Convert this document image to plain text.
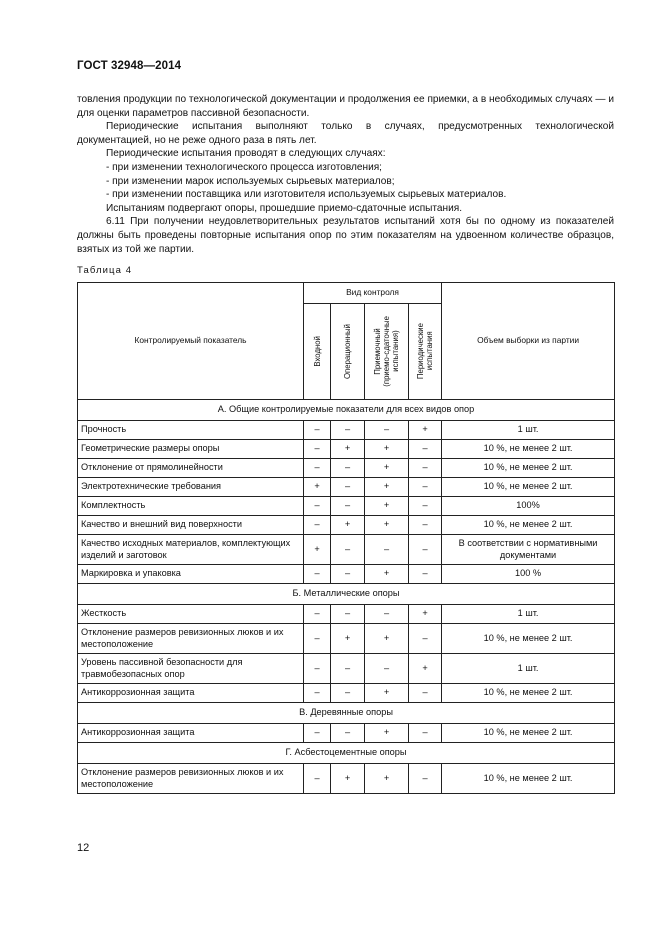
ГОСТ 32948—2014

товления продукции по технологической документации и продолжения ее приемки, а в необходимых случаях — и для оценки параметров пассивной безопасности.

Периодические испытания выполняют только в случаях, предусмотренных технологической документацией, но не реже одного раза в пять лет.

Периодические испытания проводят в следующих случаях:

- при изменении технологического процесса изготовления;

- при изменении марок используемых сырьевых материалов;

- при изменении поставщика или изготовителя используемых сырьевых материалов.

Испытаниям подвергают опоры, прошедшие приемо-сдаточные испытания.

6.11 При получении неудовлетворительных результатов испытаний хотя бы по одному из показателей должны быть проведены повторные испытания опор по этим показателям на удвоенном количестве образцов, взятых из той же партии.

Таблица 4
Контролируемый показатель	Вид контроля				Объем выборки из партии

	Входной	Операционный	Приемочный
(приемо-сдаточные
испытания)	Периодические
испытания	

А. Общие контролируемые показатели для всех видов опор					
Прочность	–	–	–	+	1 шт.
Геометрические размеры опоры	–	+	+	–	10 %, не менее 2 шт.
Отклонение от прямолинейности	–	–	+	–	10 %, не менее 2 шт.
Электротехнические требования	+	–	+	–	10 %, не менее 2 шт.
Комплектность	–	–	+	–	100%
Качество и внешний вид поверхности	–	+	+	–	10 %, не менее 2 шт.
Качество исходных материалов, комплектующих изделий и заготовок	+	–	–	–	В соответствии с нормативными документами
Маркировка и упаковка	–	–	+	–	100 %
Б. Металлические опоры					
Жесткость	–	–	–	+	1 шт.
Отклонение размеров ревизионных люков и их местоположение	–	+	+	–	10 %, не менее 2 шт.
Уровень пассивной безопасности для травмобезопасных опор	–	–	–	+	1 шт.
Антикоррозионная защита	–	–	+	–	10 %, не менее 2 шт.
В. Деревянные опоры					
Антикоррозионная защита	–	–	+	–	10 %, не менее 2 шт.
Г. Асбестоцементные опоры					
Отклонение размеров ревизионных люков и их местоположение	–	+	+	–	10 %, не менее 2 шт.
12
